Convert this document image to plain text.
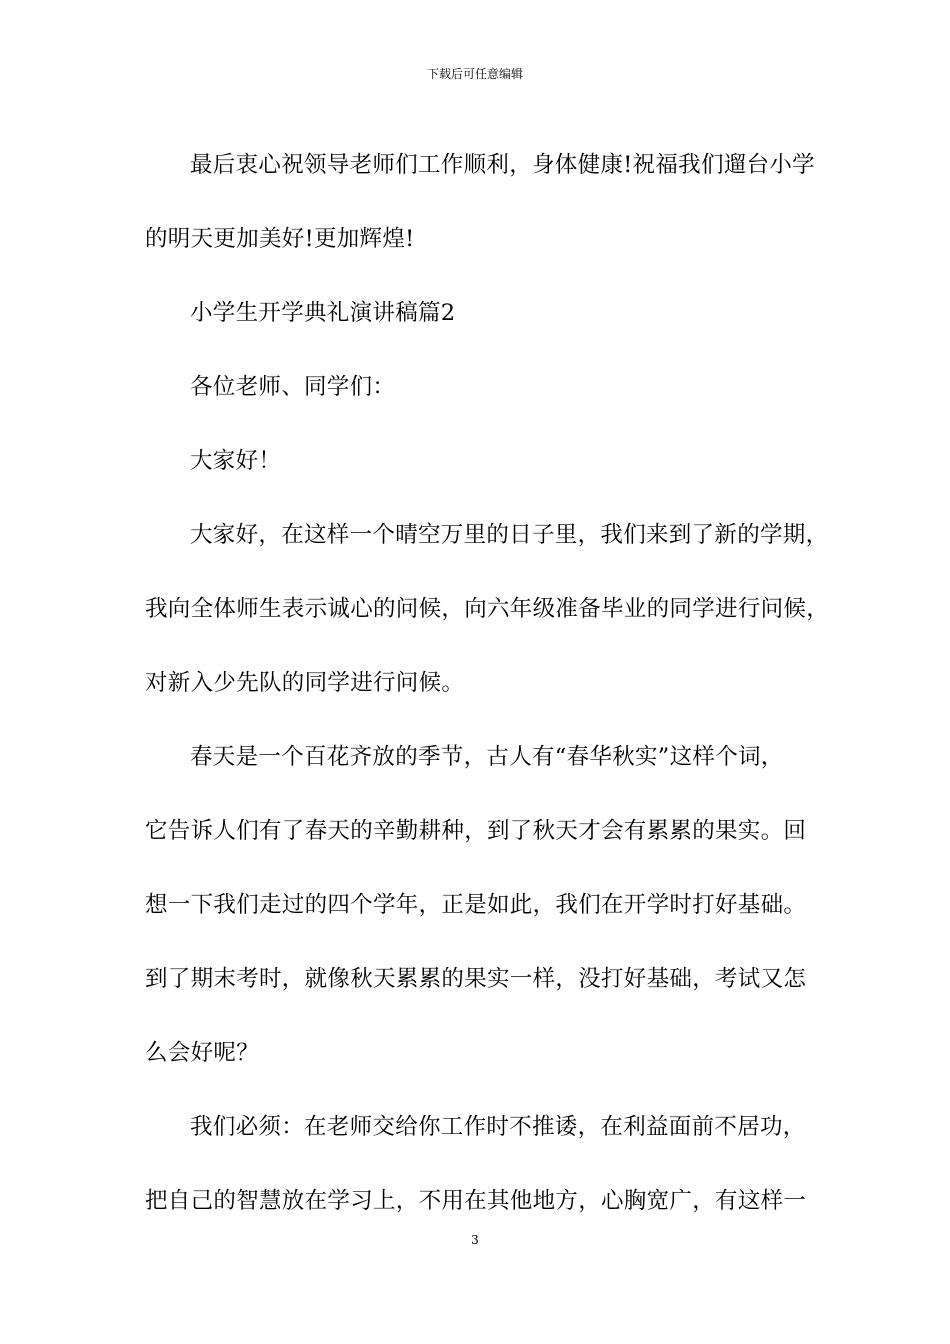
下载后可任意编辑

最后衷心祝领导老师们工作顺利，身体健康!祝福我们遛台小学

的明天更加美好!更加辉煌!

小学生开学典礼演讲稿篇2

各位老师、同学们：

大家好！

大家好，在这样一个晴空万里的日子里，我们来到了新的学期，

我向全体师生表示诚心的问候，向六年级准备毕业的同学进行问候，

对新入少先队的同学进行问候。

春天是一个百花齐放的季节，古人有“春华秋实”这样个词，

它告诉人们有了春天的辛勤耕种，到了秋天才会有累累的果实。回

想一下我们走过的四个学年，正是如此，我们在开学时打好基础。

到了期末考时，就像秋天累累的果实一样，没打好基础，考试又怎

么会好呢？

我们必须：在老师交给你工作时不推诿，在利益面前不居功，

把自己的智慧放在学习上，不用在其他地方，心胸宽广，有这样一

3
